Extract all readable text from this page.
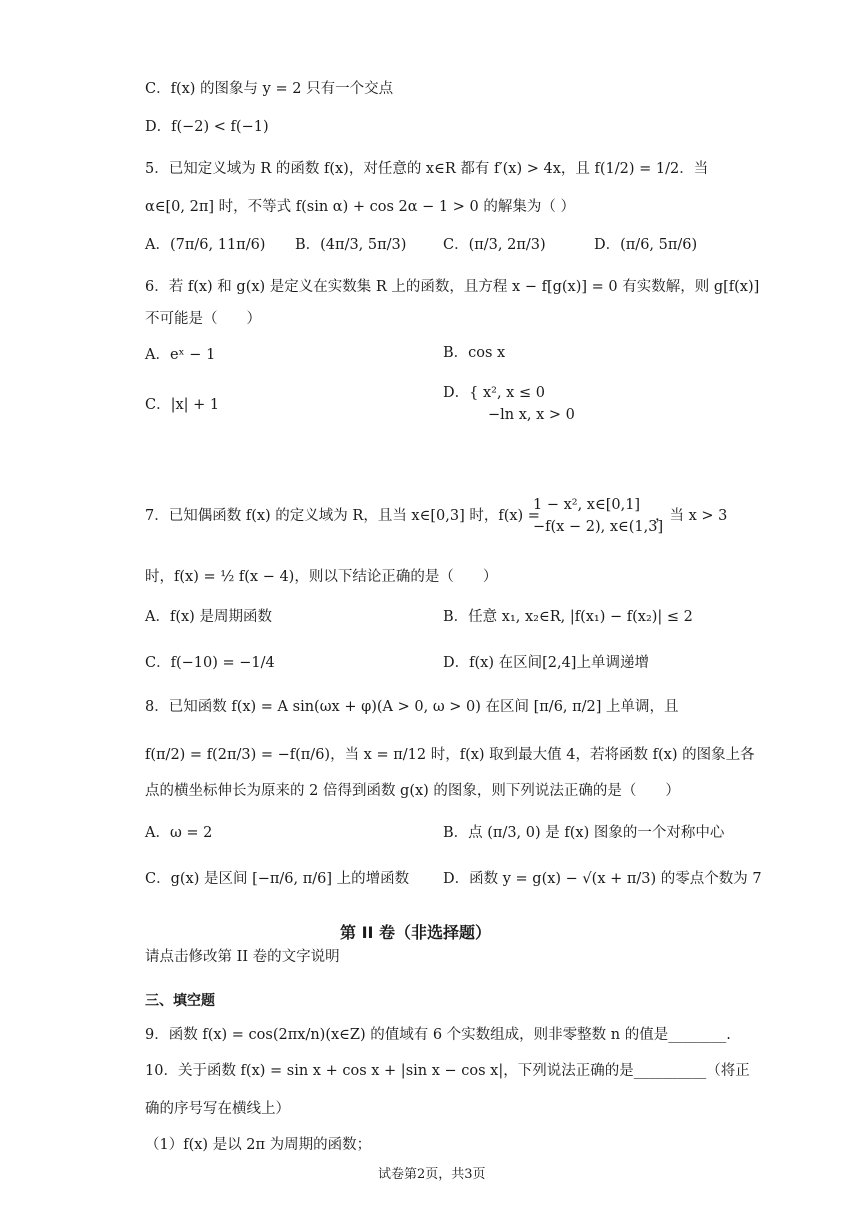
C．f(x) 的图象与 y = 2 只有一个交点
D．f(−2) < f(−1)
5．已知定义域为 R 的函数 f(x)，对任意的 x∈R 都有 f′(x) > 4x，且 f(1/2) = 1/2．当
α∈[0, 2π] 时，不等式 f(sin α) + cos 2α − 1 > 0 的解集为（ ）
A．(7π/6, 11π/6) B．(4π/3, 5π/3)	C．(π/3, 2π/3)	D．(π/6, 5π/6)
6．若 f(x) 和 g(x) 是定义在实数集 R 上的函数，且方程 x − f[g(x)] = 0 有实数解，则 g[f(x)]
不可能是（　　）
A．eˣ − 1	B．cos x
C．|x| + 1
D．{ x², x ≤ 0
−ln x, x > 0
7．已知偶函数 f(x) 的定义域为 R，且当 x∈[0,3] 时，f(x) =
1 − x², x∈[0,1]
−f(x − 2), x∈(1,3]
，当 x > 3
时，f(x) = ½ f(x − 4)，则以下结论正确的是（　　）
A．f(x) 是周期函数	B．任意 x₁, x₂∈R, |f(x₁) − f(x₂)| ≤ 2
C．f(−10) = −1/4	D．f(x) 在区间[2,4]上单调递增
8．已知函数 f(x) = A sin(ωx + φ)(A > 0, ω > 0) 在区间 [π/6, π/2] 上单调，且
f(π/2) = f(2π/3) = −f(π/6)，当 x = π/12 时，f(x) 取到最大值 4，若将函数 f(x) 的图象上各
点的横坐标伸长为原来的 2 倍得到函数 g(x) 的图象，则下列说法正确的是（　　）
A．ω = 2	B．点 (π/3, 0) 是 f(x) 图象的一个对称中心
C．g(x) 是区间 [−π/6, π/6] 上的增函数 D．函数 y = g(x) − √(x + π/3) 的零点个数为 7
第 II 卷（非选择题）
请点击修改第 II 卷的文字说明
三、填空题
9．函数 f(x) = cos(2πx/n)(x∈Z) 的值域有 6 个实数组成，则非零整数 n 的值是________.
10．关于函数 f(x) = sin x + cos x + |sin x − cos x|，下列说法正确的是__________（将正
确的序号写在横线上）
（1）f(x) 是以 2π 为周期的函数；
试卷第2页，共3页
